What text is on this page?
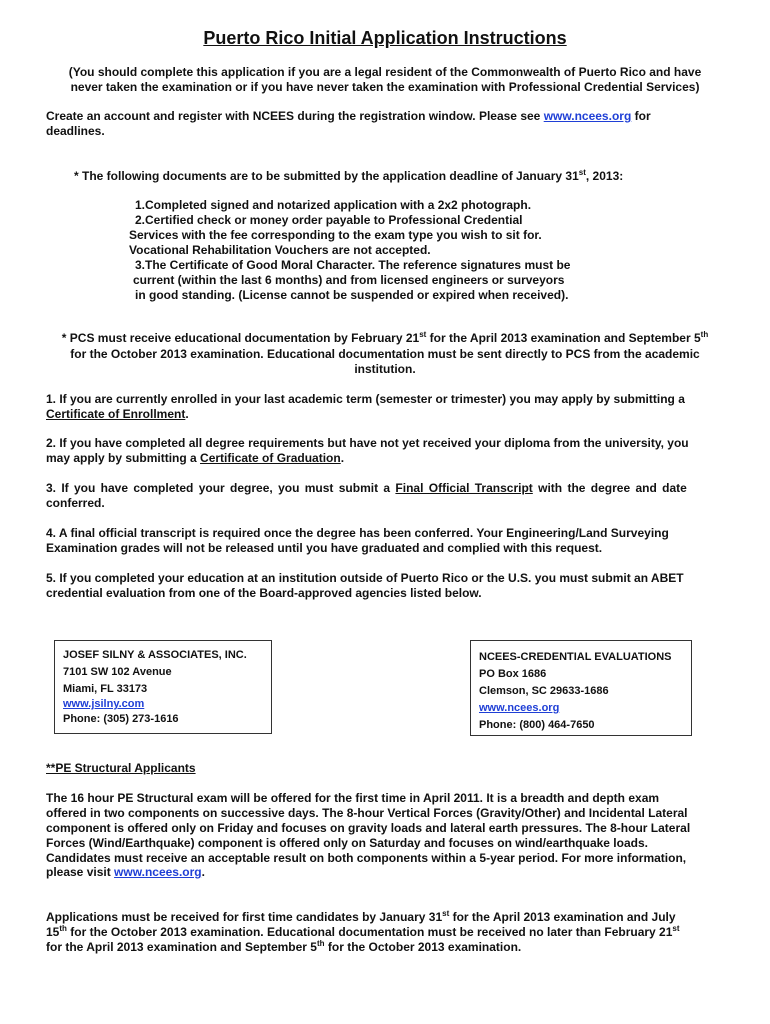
Puerto Rico Initial Application Instructions
(You should complete this application if you are a legal resident of the Commonwealth of Puerto Rico and have
never taken the examination or if you have never taken the examination with Professional Credential Services)
Create an account and register with NCEES during the registration window. Please see www.ncees.org for
deadlines.
* The following documents are to be submitted by the application deadline of January 31st, 2013:
1.Completed signed and notarized application with a 2x2 photograph.
2.Certified check or money order payable to Professional Credential
Services with the fee corresponding to the exam type you wish to sit for.
Vocational Rehabilitation Vouchers are not accepted.
3.The Certificate of Good Moral Character. The reference signatures must be
current (within the last 6 months) and from licensed engineers or surveyors
in good standing. (License cannot be suspended or expired when received).
* PCS must receive educational documentation by February 21st for the April 2013 examination and September 5th
for the October 2013 examination. Educational documentation must be sent directly to PCS from the academic
institution.
1. If you are currently enrolled in your last academic term (semester or trimester) you may apply by submitting a
Certificate of Enrollment.
2. If you have completed all degree requirements but have not yet received your diploma from the university, you
may apply by submitting a Certificate of Graduation.
3. If you have completed your degree, you must submit a Final Official Transcript with the degree and date
conferred.
4. A final official transcript is required once the degree has been conferred. Your Engineering/Land Surveying
Examination grades will not be released until you have graduated and complied with this request.
5. If you completed your education at an institution outside of Puerto Rico or the U.S. you must submit an ABET
credential evaluation from one of the Board-approved agencies listed below.
JOSEF SILNY & ASSOCIATES, INC.
7101 SW 102 Avenue
Miami, FL 33173
www.jsilny.com
Phone: (305) 273-1616
NCEES-CREDENTIAL EVALUATIONS
PO Box 1686
Clemson, SC 29633-1686
www.ncees.org
Phone: (800) 464-7650
**PE Structural Applicants
The 16 hour PE Structural exam will be offered for the first time in April 2011. It is a breadth and depth exam
offered in two components on successive days. The 8-hour Vertical Forces (Gravity/Other) and Incidental Lateral
component is offered only on Friday and focuses on gravity loads and lateral earth pressures. The 8-hour Lateral
Forces (Wind/Earthquake) component is offered only on Saturday and focuses on wind/earthquake loads.
Candidates must receive an acceptable result on both components within a 5-year period. For more information,
please visit www.ncees.org.
Applications must be received for first time candidates by January 31st for the April 2013 examination and July
15th for the October 2013 examination. Educational documentation must be received no later than February 21st
for the April 2013 examination and September 5th for the October 2013 examination.
